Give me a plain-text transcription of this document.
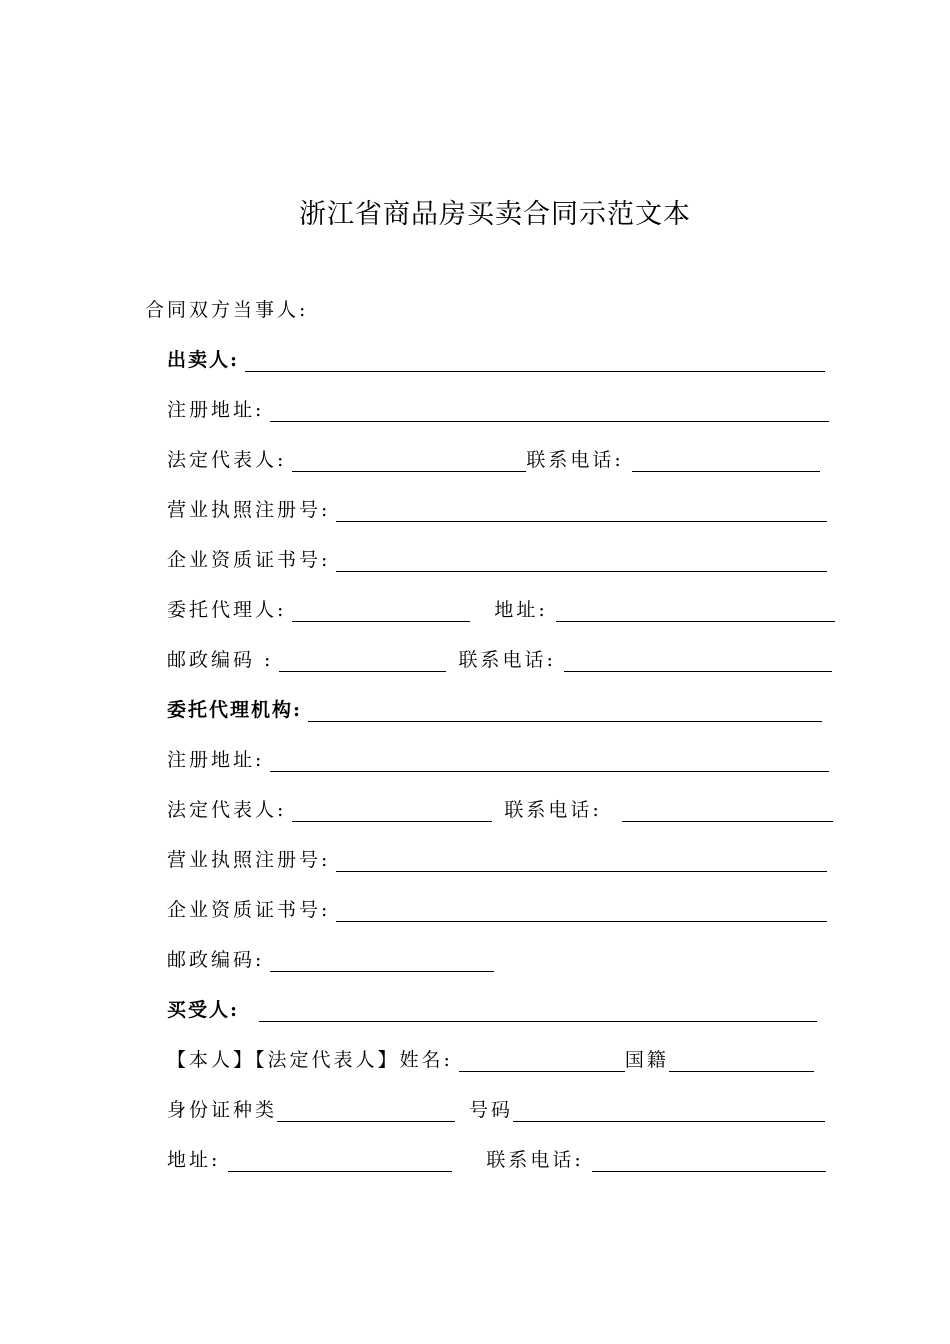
浙江省商品房买卖合同示范文本
合同双方当事人:
出卖人:
注册地址:
法定代表人:	联系电话:
营业执照注册号:
企业资质证书号:
委托代理人:	地址:
邮政编码 :	联系电话:
委托代理机构:
注册地址:
法定代表人:	联系电话:
营业执照注册号:
企业资质证书号:
邮政编码:
买受人:
【本人】【法定代表人】姓名:	国籍
身份证种类	号码
地址:	联系电话:
